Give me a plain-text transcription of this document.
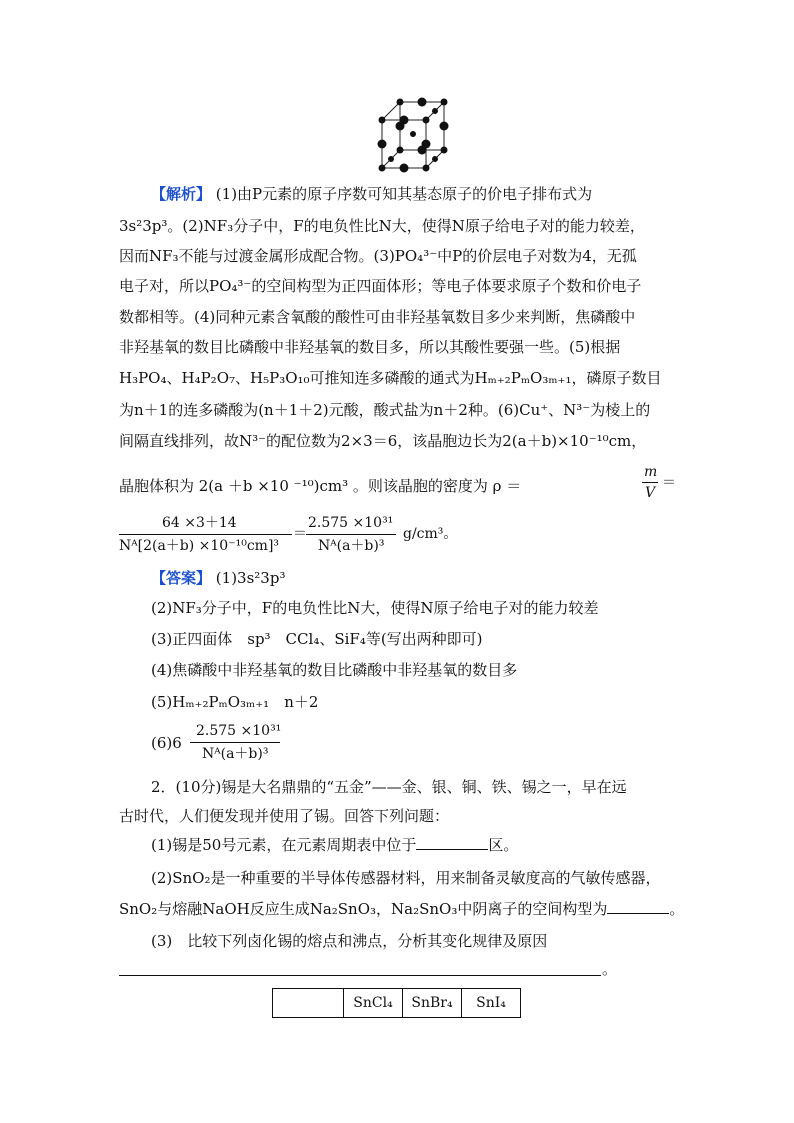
【解析】 (1)由P元素的原子序数可知其基态原子的价电子排布式为
3s²3p³。(2)NF₃分子中，F的电负性比N大，使得N原子给电子对的能力较差，
因而NF₃不能与过渡金属形成配合物。(3)PO₄³⁻中P的价层电子对数为4，无孤
电子对，所以PO₄³⁻的空间构型为正四面体形；等电子体要求原子个数和价电子
数都相等。(4)同种元素含氧酸的酸性可由非羟基氧数目多少来判断，焦磷酸中
非羟基氧的数目比磷酸中非羟基氧的数目多，所以其酸性要强一些。(5)根据
H₃PO₄、H₄P₂O₇、H₅P₃O₁₀可推知连多磷酸的通式为Hₘ₊₂PₘO₃ₘ₊₁，磷原子数目
为n＋1的连多磷酸为(n＋1＋2)元酸，酸式盐为n＋2种。(6)Cu⁺、N³⁻为棱上的
间隔直线排列，故N³⁻的配位数为2×3＝6，该晶胞边长为2(a＋b)×10⁻¹⁰cm，
晶胞体积为 2(a ＋b ×10 ⁻¹⁰)cm³ 。则该晶胞的密度为 ρ ＝
m
V
＝
64 ×3＋14
Nᴬ[2(a＋b) ×10⁻¹⁰cm]³
＝
2.575 ×10³¹
Nᴬ(a＋b)³
g/cm³。
【答案】 (1)3s²3p³
(2)NF₃分子中，F的电负性比N大，使得N原子给电子对的能力较差
(3)正四面体　sp³　CCl₄、SiF₄等(写出两种即可)
(4)焦磷酸中非羟基氧的数目比磷酸中非羟基氧的数目多
(5)Hₘ₊₂PₘO₃ₘ₊₁　n＋2
(6)6
2.575 ×10³¹
Nᴬ(a＋b)³
2．(10分)锡是大名鼎鼎的“五金”——金、银、铜、铁、锡之一，早在远
古时代，人们便发现并使用了锡。回答下列问题：
(1)锡是50号元素，在元素周期表中位于	区。
(2)SnO₂是一种重要的半导体传感器材料，用来制备灵敏度高的气敏传感器，
SnO₂与熔融NaOH反应生成Na₂SnO₃，Na₂SnO₃中阴离子的空间构型为	。
(3)　比较下列卤化锡的熔点和沸点，分析其变化规律及原因
。
	SnCl₄	SnBr₄	SnI₄
